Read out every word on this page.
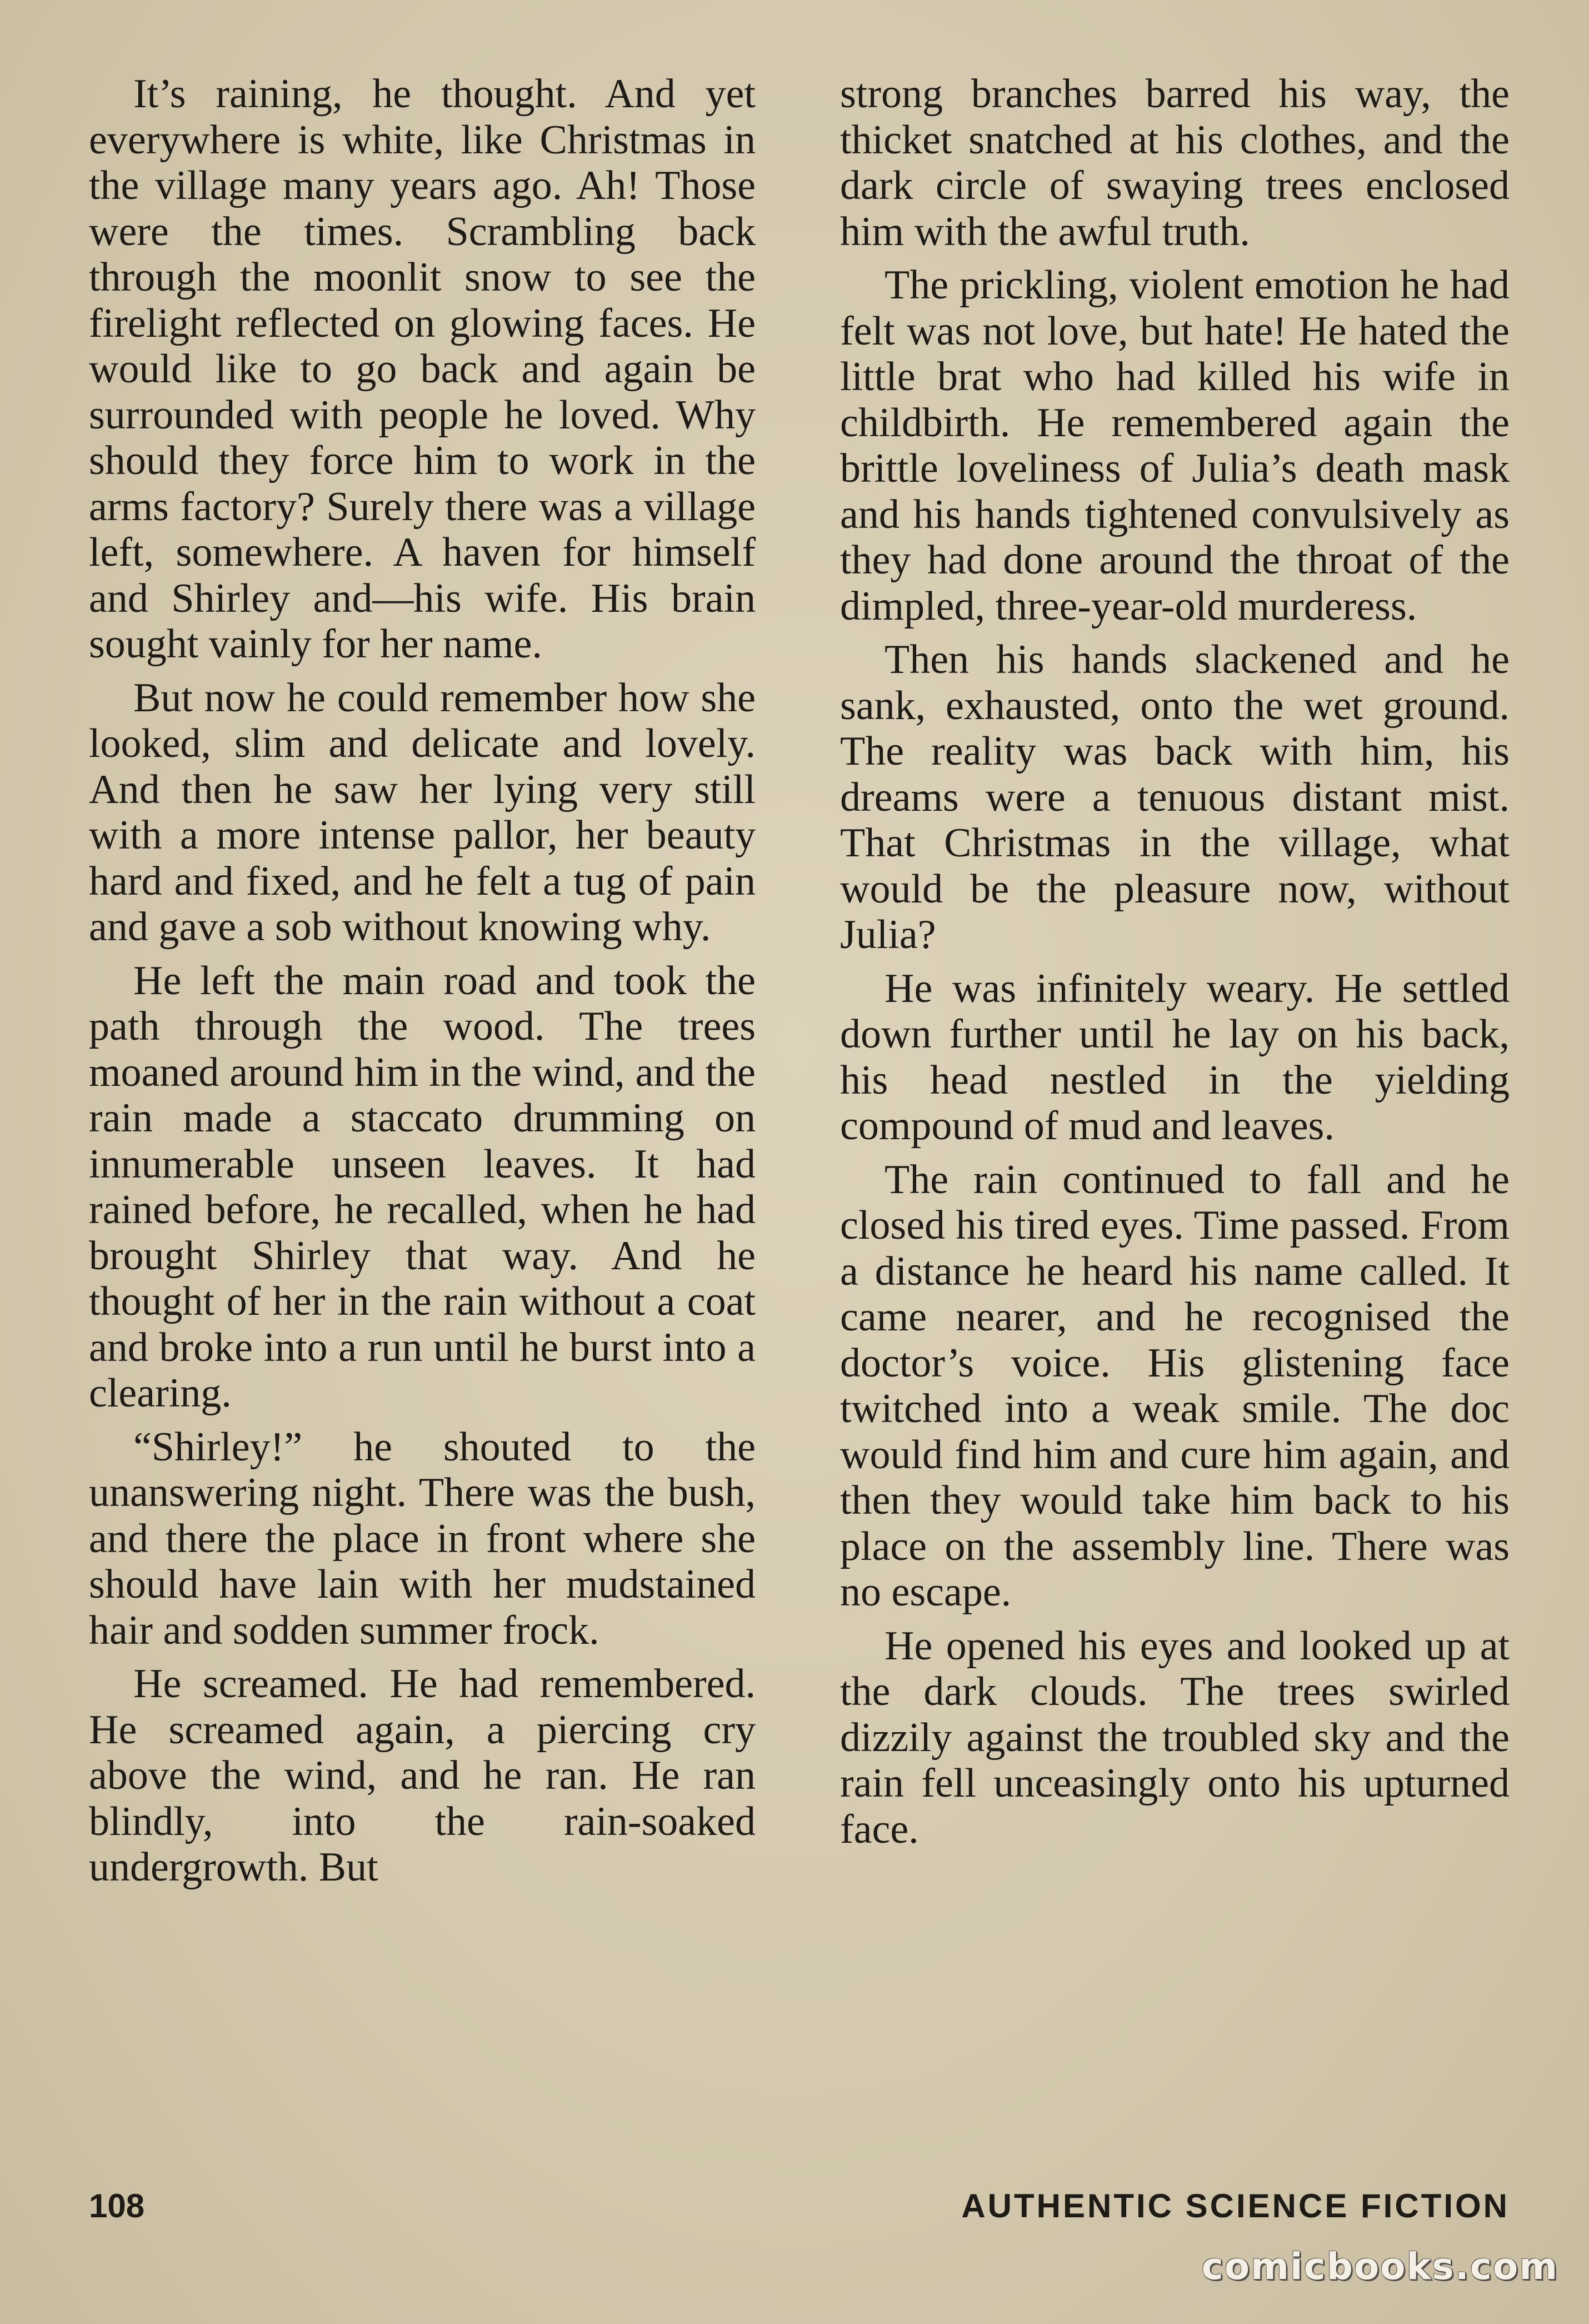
It’s raining, he thought. And yet everywhere is white, like Christmas in the village many years ago. Ah! Those were the times. Scrambling back through the moonlit snow to see the firelight reflected on glowing faces. He would like to go back and again be surrounded with people he loved. Why should they force him to work in the arms factory? Surely there was a village left, somewhere. A haven for himself and Shirley and—his wife. His brain sought vainly for her name.

But now he could remember how she looked, slim and delicate and lovely. And then he saw her lying very still with a more intense pallor, her beauty hard and fixed, and he felt a tug of pain and gave a sob without knowing why.

He left the main road and took the path through the wood. The trees moaned around him in the wind, and the rain made a staccato drumming on innumerable unseen leaves. It had rained before, he recalled, when he had brought Shirley that way. And he thought of her in the rain without a coat and broke into a run until he burst into a clearing.

“Shirley!” he shouted to the unanswering night. There was the bush, and there the place in front where she should have lain with her mudstained hair and sodden summer frock.

He screamed. He had remembered. He screamed again, a piercing cry above the wind, and he ran. He ran blindly, into the rain-soaked undergrowth. But

strong branches barred his way, the thicket snatched at his clothes, and the dark circle of swaying trees enclosed him with the awful truth.

The prickling, violent emotion he had felt was not love, but hate! He hated the little brat who had killed his wife in childbirth. He remembered again the brittle loveliness of Julia’s death mask and his hands tightened convulsively as they had done around the throat of the dimpled, three-year-old murderess.

Then his hands slackened and he sank, exhausted, onto the wet ground. The reality was back with him, his dreams were a tenuous distant mist. That Christmas in the village, what would be the pleasure now, without Julia?

He was infinitely weary. He settled down further until he lay on his back, his head nestled in the yielding compound of mud and leaves.

The rain continued to fall and he closed his tired eyes. Time passed. From a distance he heard his name called. It came nearer, and he recognised the doctor’s voice. His glistening face twitched into a weak smile. The doc would find him and cure him again, and then they would take him back to his place on the assembly line. There was no escape.

He opened his eyes and looked up at the dark clouds. The trees swirled dizzily against the troubled sky and the rain fell unceasingly onto his upturned face.

108	AUTHENTIC SCIENCE FICTION
comicbooks.com
